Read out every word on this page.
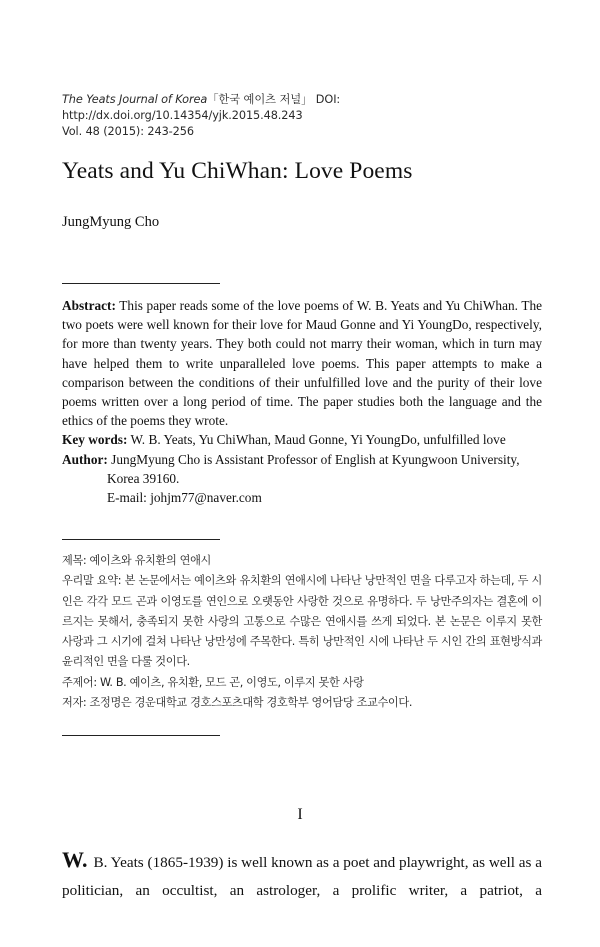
The Yeats Journal of Korea「한국 예이츠 저널」 DOI: http://dx.doi.org/10.14354/yjk.2015.48.243
Vol. 48 (2015): 243-256
Yeats and Yu ChiWhan: Love Poems
JungMyung Cho

Abstract: This paper reads some of the love poems of W. B. Yeats and Yu ChiWhan. The two poets were well known for their love for Maud Gonne and Yi YoungDo, respectively, for more than twenty years. They both could not marry their woman, which in turn may have helped them to write unparalleled love poems. This paper attempts to make a comparison between the conditions of their unfulfilled love and the purity of their love poems written over a long period of time. The paper studies both the language and the ethics of the poems they wrote.

Key words: W. B. Yeats, Yu ChiWhan, Maud Gonne, Yi YoungDo, unfulfilled love

Author: JungMyung Cho is Assistant Professor of English at Kyungwoon University,

Korea 39160.

E-mail: johjm77@naver.com

제목: 예이츠와 유치환의 연애시

우리말 요약: 본 논문에서는 예이츠와 유치환의 연애시에 나타난 낭만적인 면을 다루고자 하는데, 두 시인은 각각 모드 곤과 이영도를 연인으로 오랫동안 사랑한 것으로 유명하다. 두 낭만주의자는 결혼에 이르지는 못해서, 충족되지 못한 사랑의 고통으로 수많은 연애시를 쓰게 되었다. 본 논문은 이루지 못한 사랑과 그 시기에 걸쳐 나타난 낭만성에 주목한다. 특히 낭만적인 시에 나타난 두 시인 간의 표현방식과 윤리적인 면을 다룰 것이다.

주제어: W. B. 예이츠, 유치환, 모드 곤, 이영도, 이루지 못한 사랑

저자: 조정명은 경운대학교 경호스포츠대학 경호학부 영어담당 조교수이다.

I
W. B. Yeats (1865-1939) is well known as a poet and playwright, as well as a politician, an occultist, an astrologer, a prolific writer, a patriot, a
